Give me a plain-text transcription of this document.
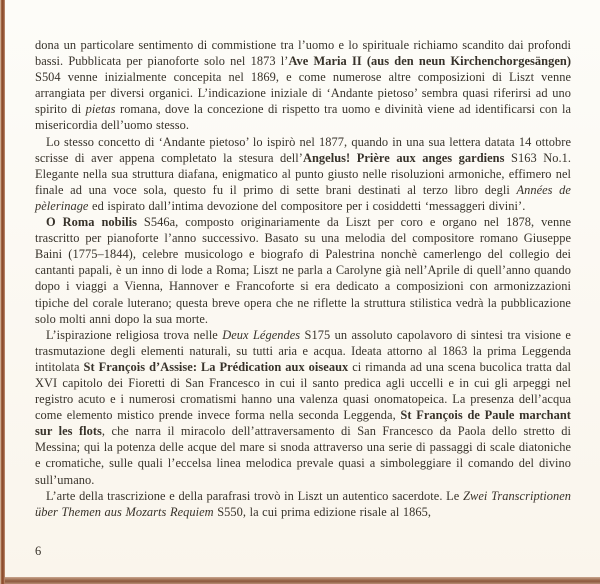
dona un particolare sentimento di commistione tra l’uomo e lo spirituale richiamo scandito dai profondi bassi. Pubblicata per pianoforte solo nel 1873 l’Ave Maria II (aus den neun Kirchenchorgesängen) S504 venne inizialmente concepita nel 1869, e come numerose altre composizioni di Liszt venne arrangiata per diversi organici. L’indicazione iniziale di ‘Andante pietoso’ sembra quasi riferirsi ad uno spirito di pietas romana, dove la concezione di rispetto tra uomo e divinità viene ad identificarsi con la misericordia dell’uomo stesso.

Lo stesso concetto di ‘Andante pietoso’ lo ispirò nel 1877, quando in una sua lettera datata 14 ottobre scrisse di aver appena completato la stesura dell’Angelus! Prière aux anges gardiens S163 No.1. Elegante nella sua struttura diafana, enigmatico al punto giusto nelle risoluzioni armoniche, effimero nel finale ad una voce sola, questo fu il primo di sette brani destinati al terzo libro degli Années de pèlerinage ed ispirato dall’intima devozione del compositore per i cosiddetti ‘messaggeri divini’.

O Roma nobilis S546a, composto originariamente da Liszt per coro e organo nel 1878, venne trascritto per pianoforte l’anno successivo. Basato su una melodia del compositore romano Giuseppe Baini (1775–1844), celebre musicologo e biografo di Palestrina nonchè camerlengo del collegio dei cantanti papali, è un inno di lode a Roma; Liszt ne parla a Carolyne già nell’Aprile di quell’anno quando dopo i viaggi a Vienna, Hannover e Francoforte si era dedicato a composizioni con armonizzazioni tipiche del corale luterano; questa breve opera che ne riflette la struttura stilistica vedrà la pubblicazione solo molti anni dopo la sua morte.

L’ispirazione religiosa trova nelle Deux Légendes S175 un assoluto capolavoro di sintesi tra visione e trasmutazione degli elementi naturali, su tutti aria e acqua. Ideata attorno al 1863 la prima Leggenda intitolata St François d’Assise: La Prédication aux oiseaux ci rimanda ad una scena bucolica tratta dal XVI capitolo dei Fioretti di San Francesco in cui il santo predica agli uccelli e in cui gli arpeggi nel registro acuto e i numerosi cromatismi hanno una valenza quasi onomatopeica. La presenza dell’acqua come elemento mistico prende invece forma nella seconda Leggenda, St François de Paule marchant sur les flots, che narra il miracolo dell’attraversamento di San Francesco da Paola dello stretto di Messina; qui la potenza delle acque del mare si snoda attraverso una serie di passaggi di scale diatoniche e cromatiche, sulle quali l’eccelsa linea melodica prevale quasi a simboleggiare il comando del divino sull’umano.

L’arte della trascrizione e della parafrasi trovò in Liszt un autentico sacerdote. Le Zwei Transcriptionen über Themen aus Mozarts Requiem S550, la cui prima edizione risale al 1865,

6
